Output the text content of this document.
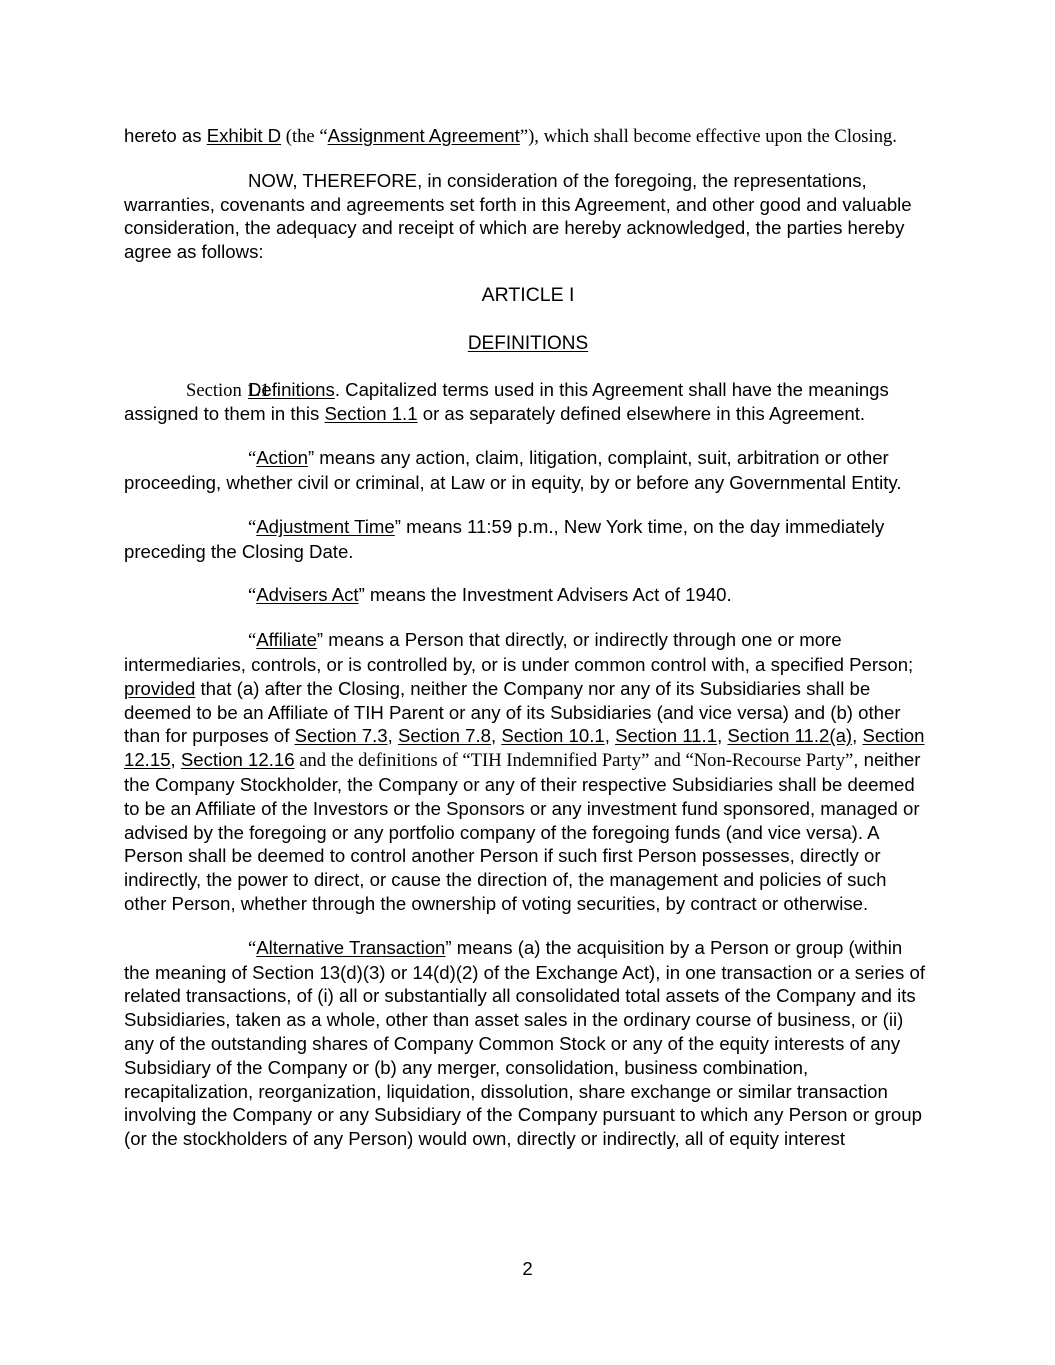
hereto as Exhibit D (the “Assignment Agreement”), which shall become effective upon the Closing.

NOW, THEREFORE, in consideration of the foregoing, the representations, warranties, covenants and agreements set forth in this Agreement, and other good and valuable consideration, the adequacy and receipt of which are hereby acknowledged, the parties hereby agree as follows:

ARTICLE I

DEFINITIONS

Section 1.1Definitions. Capitalized terms used in this Agreement shall have the meanings assigned to them in this Section 1.1 or as separately defined elsewhere in this Agreement.

“Action” means any action, claim, litigation, complaint, suit, arbitration or other proceeding, whether civil or criminal, at Law or in equity, by or before any Governmental Entity.

“Adjustment Time” means 11:59 p.m., New York time, on the day immediately preceding the Closing Date.

“Advisers Act” means the Investment Advisers Act of 1940.

“Affiliate” means a Person that directly, or indirectly through one or more intermediaries, controls, or is controlled by, or is under common control with, a specified Person; provided that (a) after the Closing, neither the Company nor any of its Subsidiaries shall be deemed to be an Affiliate of TIH Parent or any of its Subsidiaries (and vice versa) and (b) other than for purposes of Section 7.3, Section 7.8, Section 10.1, Section 11.1, Section 11.2(a), Section 12.15, Section 12.16 and the definitions of “TIH Indemnified Party” and “Non-Recourse Party”, neither the Company Stockholder, the Company or any of their respective Subsidiaries shall be deemed to be an Affiliate of the Investors or the Sponsors or any investment fund sponsored, managed or advised by the foregoing or any portfolio company of the foregoing funds (and vice versa). A Person shall be deemed to control another Person if such first Person possesses, directly or indirectly, the power to direct, or cause the direction of, the management and policies of such other Person, whether through the ownership of voting securities, by contract or otherwise.

“Alternative Transaction” means (a) the acquisition by a Person or group (within the meaning of Section 13(d)(3) or 14(d)(2) of the Exchange Act), in one transaction or a series of related transactions, of (i) all or substantially all consolidated total assets of the Company and its Subsidiaries, taken as a whole, other than asset sales in the ordinary course of business, or (ii) any of the outstanding shares of Company Common Stock or any of the equity interests of any Subsidiary of the Company or (b) any merger, consolidation, business combination, recapitalization, reorganization, liquidation, dissolution, share exchange or similar transaction involving the Company or any Subsidiary of the Company pursuant to which any Person or group (or the stockholders of any Person) would own, directly or indirectly, all of equity interest

2
